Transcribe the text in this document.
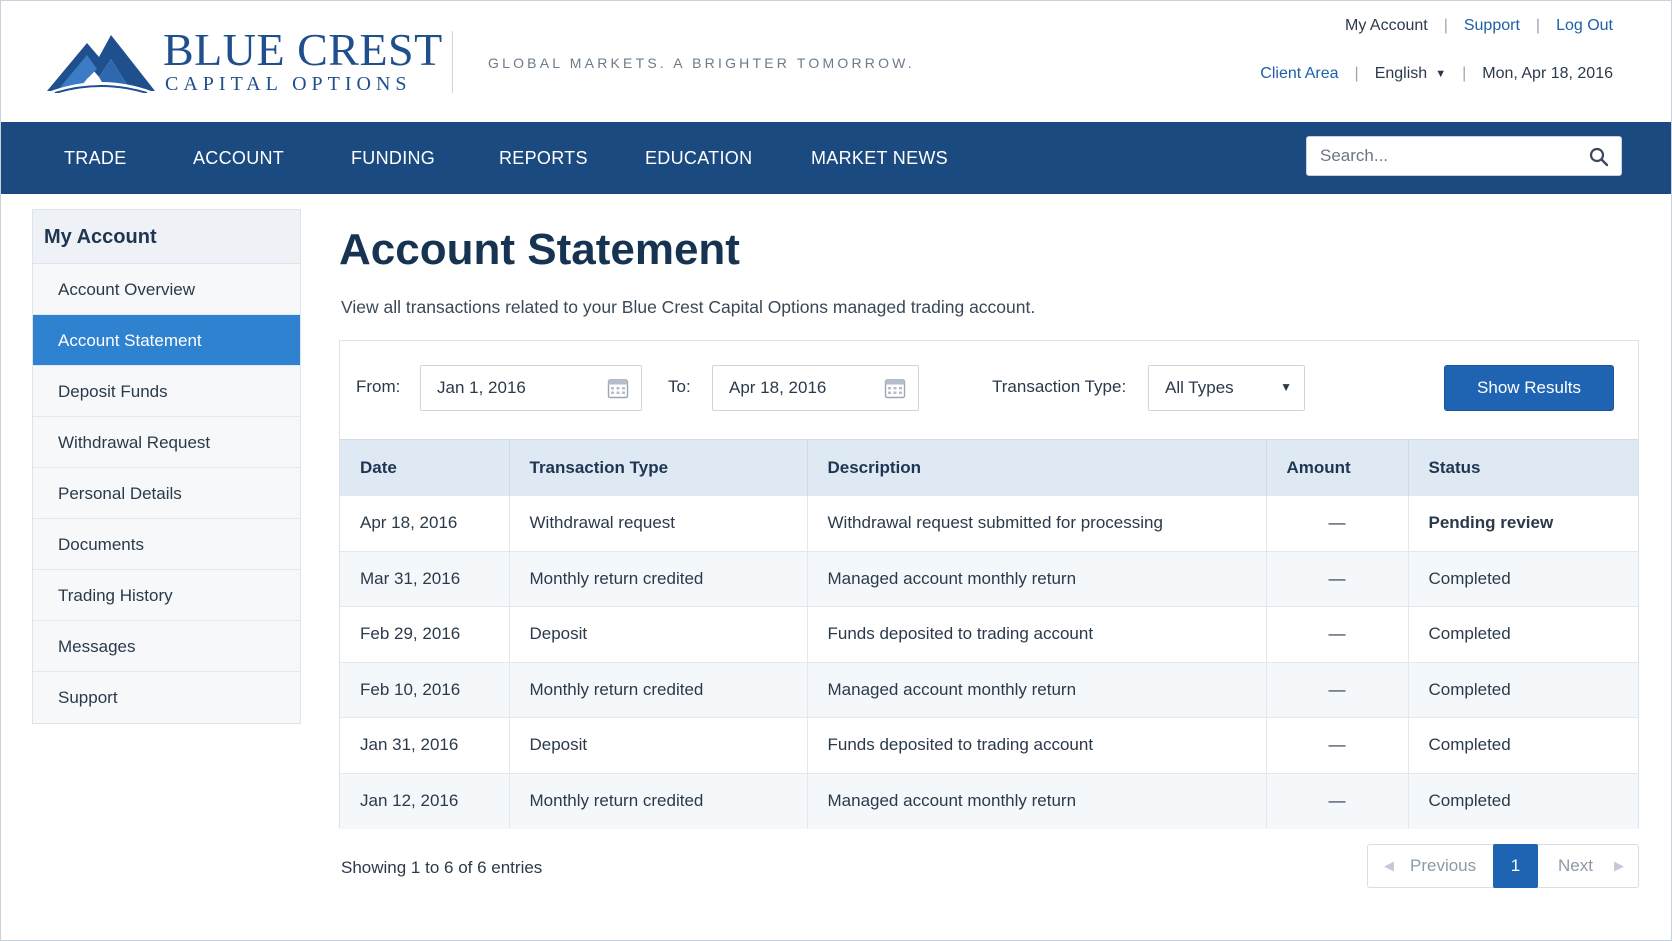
BLUE CREST
CAPITAL OPTIONS
GLOBAL MARKETS. A BRIGHTER TOMORROW.
My Account | Support | Log Out
Client Area | English ▼ | Mon, Apr 18, 2016
TRADE	ACCOUNT	FUNDING	REPORTS	EDUCATION	MARKET NEWS
Search...
My Account
Account Overview
Account Statement
Deposit Funds
Withdrawal Request
Personal Details
Documents
Trading History
Messages
Support
Account Statement
View all transactions related to your Blue Crest Capital Options managed trading account.
From:
Jan 1, 2016	To:
Apr 18, 2016	Transaction Type: All Types	▼	Show Results
Date	Transaction Type	Description	Amount	Status
Apr 18, 2016	Withdrawal request	Withdrawal request submitted for processing	—	Pending review
Mar 31, 2016	Monthly return credited	Managed account monthly return	—	Completed
Feb 29, 2016	Deposit	Funds deposited to trading account	—	Completed
Feb 10, 2016	Monthly return credited	Managed account monthly return	—	Completed
Jan 31, 2016	Deposit	Funds deposited to trading account	—	Completed
Jan 12, 2016	Monthly return credited	Managed account monthly return	—	Completed
Showing 1 to 6 of 6 entries	◀ Previous	1	Next ▶
